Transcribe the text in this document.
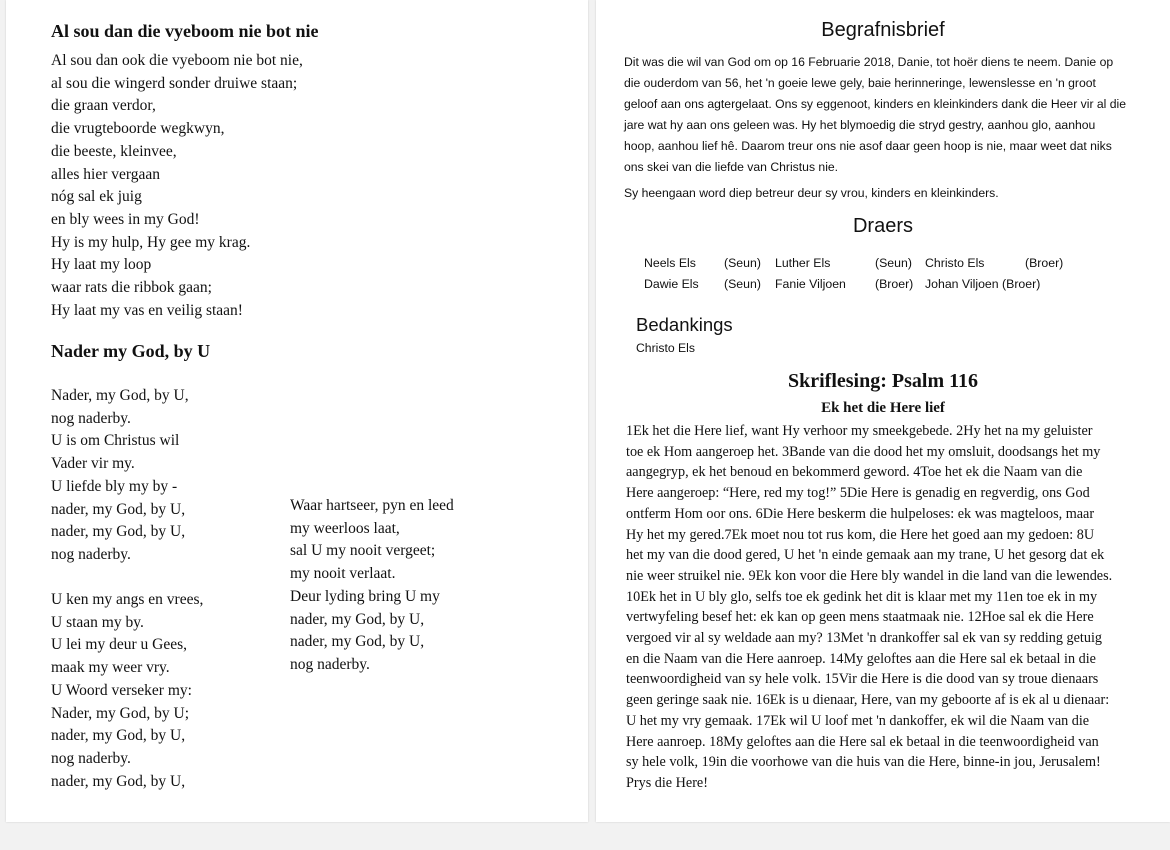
Al sou dan die vyeboom nie bot nie
Al sou dan ook die vyeboom nie bot nie,
al sou die wingerd sonder druiwe staan;
die graan verdor,
die vrugteboorde wegkwyn,
die beeste, kleinvee,
alles hier vergaan
nóg sal ek juig
en bly wees in my God!
Hy is my hulp, Hy gee my krag.
Hy laat my loop
waar rats die ribbok gaan;
Hy laat my vas en veilig staan!
Nader my God, by U
Nader, my God, by U,
nog naderby.
U is om Christus wil
Vader vir my.
U liefde bly my by -
nader, my God, by U,
nader, my God, by U,
nog naderby.
U ken my angs en vrees,
U staan my by.
U lei my deur u Gees,
maak my weer vry.
U Woord verseker my:
Nader, my God, by U;
nader, my God, by U,
nog naderby.
nader, my God, by U,
Waar hartseer, pyn en leed
my weerloos laat,
sal U my nooit vergeet;
my nooit verlaat.
Deur lyding bring U my
nader, my God, by U,
nader, my God, by U,
nog naderby.
Begrafnisbrief
Dit was die wil van God om op 16 Februarie 2018, Danie, tot hoër diens te neem. Danie op
die ouderdom van 56, het 'n goeie lewe gely, baie herinneringe, lewenslesse en 'n groot
geloof aan ons agtergelaat. Ons sy eggenoot, kinders en kleinkinders dank die Heer vir al die
jare wat hy aan ons geleen was. Hy het blymoedig die stryd gestry, aanhou glo, aanhou
hoop, aanhou lief hê. Daarom treur ons nie asof daar geen hoop is nie, maar weet dat niks
ons skei van die liefde van Christus nie.
Sy heengaan word diep betreur deur sy vrou, kinders en kleinkinders.
Draers
Neels Els	(Seun)	Luther Els	(Seun)	Christo Els	(Broer)
Dawie Els	(Seun)	Fanie Viljoen	(Broer) Johan Viljoen (Broer)
Bedankings
Christo Els
Skriflesing: Psalm 116
Ek het die Here lief
1Ek het die Here lief, want Hy verhoor my smeekgebede. 2Hy het na my geluister
toe ek Hom aangeroep het. 3Bande van die dood het my omsluit, doodsangs het my
aangegryp, ek het benoud en bekommerd geword. 4Toe het ek die Naam van die
Here aangeroep: “Here, red my tog!” 5Die Here is genadig en regverdig, ons God
ontferm Hom oor ons. 6Die Here beskerm die hulpeloses: ek was magteloos, maar
Hy het my gered.7Ek moet nou tot rus kom, die Here het goed aan my gedoen: 8U
het my van die dood gered, U het 'n einde gemaak aan my trane, U het gesorg dat ek
nie weer struikel nie. 9Ek kon voor die Here bly wandel in die land van die lewendes.
10Ek het in U bly glo, selfs toe ek gedink het dit is klaar met my 11en toe ek in my
vertwyfeling besef het: ek kan op geen mens staatmaak nie. 12Hoe sal ek die Here
vergoed vir al sy weldade aan my? 13Met 'n drankoffer sal ek van sy redding getuig
en die Naam van die Here aanroep. 14My geloftes aan die Here sal ek betaal in die
teenwoordigheid van sy hele volk. 15Vir die Here is die dood van sy troue dienaars
geen geringe saak nie. 16Ek is u dienaar, Here, van my geboorte af is ek al u dienaar:
U het my vry gemaak. 17Ek wil U loof met 'n dankoffer, ek wil die Naam van die
Here aanroep. 18My geloftes aan die Here sal ek betaal in die teenwoordigheid van
sy hele volk, 19in die voorhowe van die huis van die Here, binne-in jou, Jerusalem!
Prys die Here!
